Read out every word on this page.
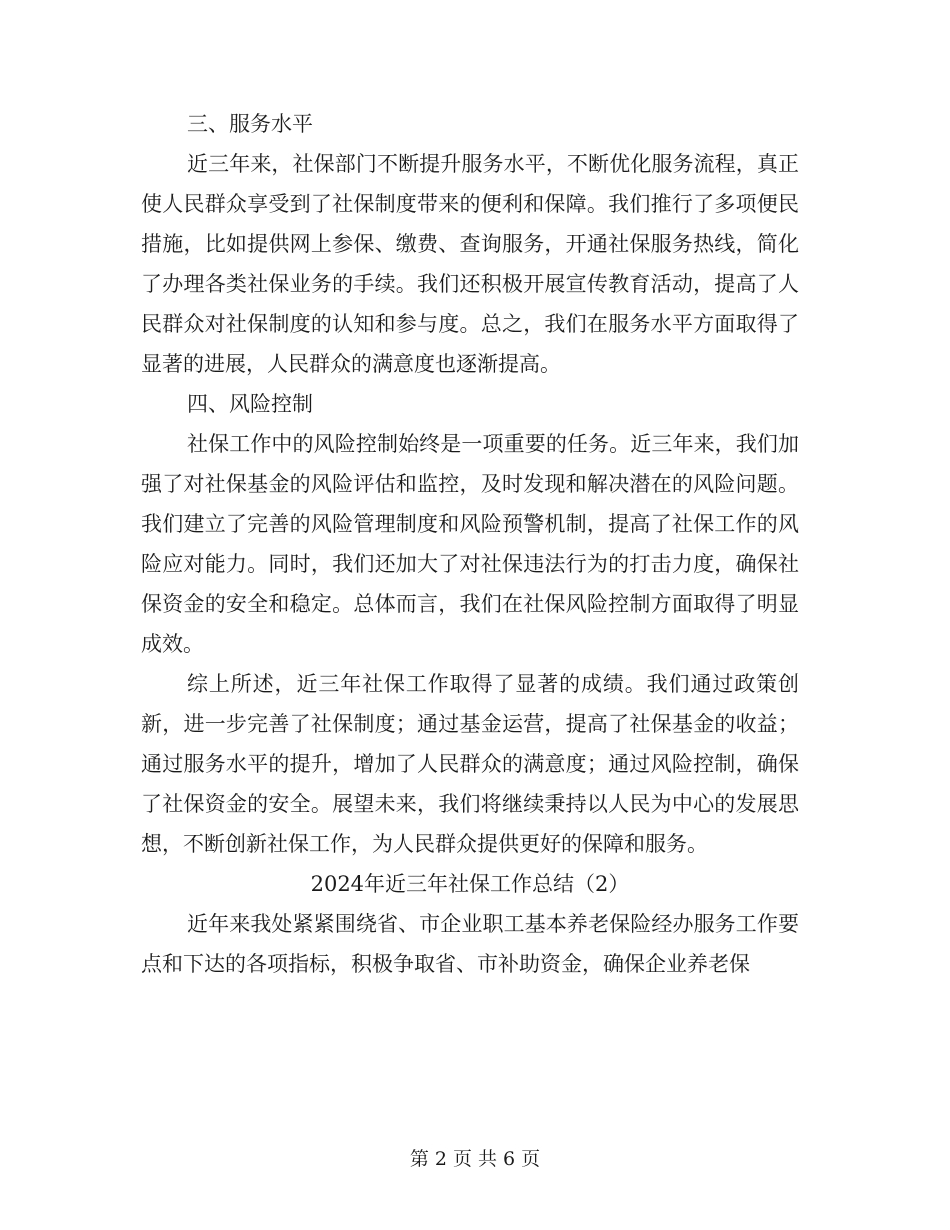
三、服务水平

近三年来，社保部门不断提升服务水平，不断优化服务流程，真正使人民群众享受到了社保制度带来的便利和保障。我们推行了多项便民措施，比如提供网上参保、缴费、查询服务，开通社保服务热线，简化了办理各类社保业务的手续。我们还积极开展宣传教育活动，提高了人民群众对社保制度的认知和参与度。总之，我们在服务水平方面取得了显著的进展，人民群众的满意度也逐渐提高。

四、风险控制

社保工作中的风险控制始终是一项重要的任务。近三年来，我们加强了对社保基金的风险评估和监控，及时发现和解决潜在的风险问题。我们建立了完善的风险管理制度和风险预警机制，提高了社保工作的风险应对能力。同时，我们还加大了对社保违法行为的打击力度，确保社保资金的安全和稳定。总体而言，我们在社保风险控制方面取得了明显成效。

综上所述，近三年社保工作取得了显著的成绩。我们通过政策创新，进一步完善了社保制度；通过基金运营，提高了社保基金的收益；通过服务水平的提升，增加了人民群众的满意度；通过风险控制，确保了社保资金的安全。展望未来，我们将继续秉持以人民为中心的发展思想，不断创新社保工作，为人民群众提供更好的保障和服务。

2024年近三年社保工作总结（2）

近年来我处紧紧围绕省、市企业职工基本养老保险经办服务工作要点和下达的各项指标，积极争取省、市补助资金，确保企业养老保

第 2 页 共 6 页
